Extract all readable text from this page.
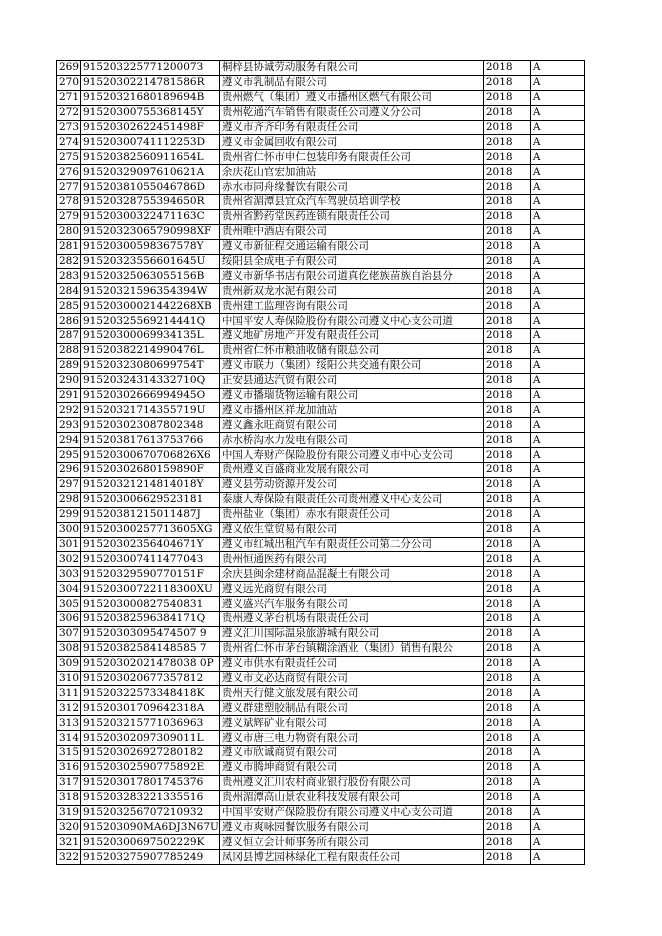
269	91520322577120007З	桐梓县协诚劳动服务有限公司	2018	A
270	91520302214781586R	遵义市乳制品有限公司	2018	A
271	91520321680189694B	贵州燃气（集团）遵义市播州区燃气有限公司	2018	A
272	91520300755368145Y	贵州乾通汽车销售有限责任公司遵义分公司	2018	A
273	91520302622451498F	遵义市齐齐印务有限责任公司	2018	A
274	91520300741112253D	遵义市金属回收有限公司	2018	A
275	91520382560911654L	贵州省仁怀市申仁包装印务有限责任公司	2018	A
276	91520329097610621A	余庆花山官宏加油站	2018	A
277	91520381055046786D	赤水市同舟缘餐饮有限公司	2018	A
278	91520328755394650R	贵州省湄潭县宜众汽车驾驶员培训学校	2018	A
279	91520300322471163C	贵州省黔药堂医药连锁有限责任公司	2018	A
280	91520323065790998XF	贵州唯中酒店有限公司	2018	A
281	91520300598367578Y	遵义市新征程交通运输有限公司	2018	A
282	91520323556601645U	绥阳县全成电子有限公司	2018	A
283	91520325063055156B	遵义市新华书店有限公司道真仡佬族苗族自治县分	2018	A
284	91520321596354394W	贵州新双龙水泥有限公司	2018	A
285	91520300021442268XB	贵州建工监理咨询有限公司	2018	A
286	91520325569214441Q	中国平安人寿保险股份有限公司遵义中心支公司道	2018	A
287	91520300069934135L	遵义地矿房地产开发有限责任公司	2018	A
288	91520382214990476L	贵州省仁怀市粮油收储有限总公司	2018	A
289	91520323080699754T	遵义市联力（集团）绥阳公共交通有限公司	2018	A
290	91520324314332710Q	正安县通达汽贸有限公司	2018	A
291	91520302666994945O	遵义市播瑞货物运输有限公司	2018	A
292	91520321714355719U	遵义市播州区祥龙加油站	2018	A
293	915203023087802348	遵义鑫永旺商贸有限公司	2018	A
294	915203817613753766	赤水桥沟水力发电有限公司	2018	A
295	91520300670706826X6	中国人寿财产保险股份有限公司遵义市中心支公司	2018	A
296	91520302680159890F	贵州遵义百盛商业发展有限公司	2018	A
297	91520321214814018Y	遵义县劳动资源开发公司	2018	A
298	915203006629523181	泰康人寿保险有限责任公司贵州遵义中心支公司	2018	A
299	91520381215011487J	贵州盐业（集团）赤水有限责任公司	2018	A
300	91520300257713605XG	遵义依生堂贸易有限公司	2018	A
301	91520302356404671Y	遵义市红城出租汽车有限责任公司第二分公司	2018	A
302	91520300741147704З	贵州恒通医药有限公司	2018	A
303	91520329590770151F	余庆县闽余建材商品混凝土有限公司	2018	A
304	91520300722118300XU	遵义远光商贸有限公司	2018	A
305	915203000827540831	遵义盛兴汽车服务有限公司	2018	A
306	91520382596384171Q	贵州遵义茅台机场有限责任公司	2018	A
307	91520303095474507 9	遵义汇川国际温泉旅游城有限公司	2018	A
308	91520382584148585 7	贵州省仁怀市茅台镇糊涂酒业（集团）销售有限公	2018	A
309	91520302021478038 0P	遵义市供水有限责任公司	2018	A
310	915203020677357812	遵义市文必达商贸有限公司	2018	A
311	91520322573348418K	贵州天行健文旅发展有限公司	2018	A
312	91520301709642318A	遵义群建塑胶制品有限公司	2018	A
313	915203215771036963	遵义斌辉矿业有限公司	2018	A
314	91520302097309011L	遵义市唐三电力物资有限公司	2018	A
315	915203026927280182	遵义市欣诚商贸有限公司	2018	A
316	91520302590775892E	遵义市腾坤商贸有限公司	2018	A
317	915203017801745376	贵州遵义汇川农村商业银行股份有限公司	2018	A
318	915203283221335516	贵州湄潭高山景农业科技发展有限公司	2018	A
319	915203256707210932	中国平安财产保险股份有限公司遵义中心支公司道	2018	A
320	915203090MA6DJ3N67U	遵义市爽咏园餐饮服务有限公司	2018	A
321	91520300697502229K	遵义恒立会计师事务所有限公司	2018	A
322	915203275907785249	凤冈县博艺园林绿化工程有限责任公司	2018	A
